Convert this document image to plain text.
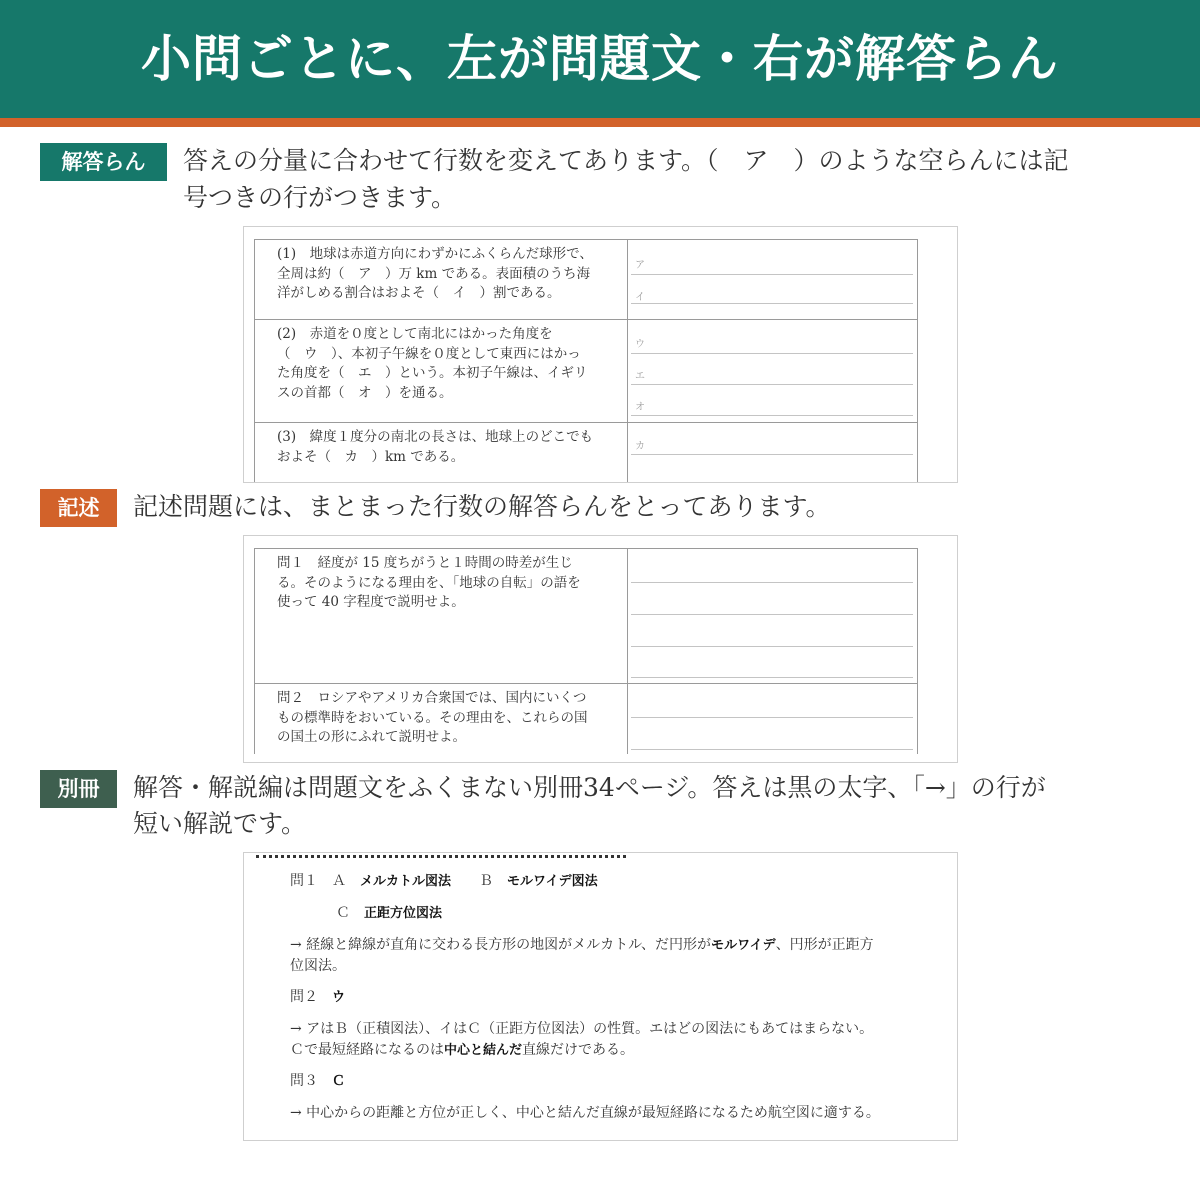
小問ごとに、左が問題文・右が解答らん
解答らん	答えの分量に合わせて行数を変えてあります。（　ア　）のような空らんには記
号つきの行がつきます。
(1)　地球は赤道方向にわずかにふくらんだ球形で、
全周は約（　ア　）万 km である。表面積のうち海
洋がしめる割合はおよそ（　イ　）割である。
ア
イ
(2)　赤道を０度として南北にはかった角度を
（　ウ　）、本初子午線を０度として東西にはかっ
た角度を（　エ　）という。本初子午線は、イギリ
スの首都（　オ　）を通る。
ウ
エ
オ
(3)　緯度１度分の南北の長さは、地球上のどこでも
およそ（　カ　）km である。
カ
記述	記述問題には、まとまった行数の解答らんをとってあります。
問１　経度が 15 度ちがうと１時間の時差が生じ
る。そのようになる理由を、「地球の自転」の語を
使って 40 字程度で説明せよ。
問２　ロシアやアメリカ合衆国では、国内にいくつ
もの標準時をおいている。その理由を、これらの国
の国土の形にふれて説明せよ。
別冊	解答・解説編は問題文をふくまない別冊34ページ。答えは黒の太字、「→」の行が
短い解説です。
問１　Ａ　 メルカトル図法　　 Ｂ　 モルワイデ図法
Ｃ　 正距方位図法
→ 経線と緯線が直角に交わる長方形の地図がメルカトル、だ円形がモルワイデ、円形が正距方
位図法。
問２　 ウ
→ アはＢ（正積図法）、イはＣ（正距方位図法）の性質。エはどの図法にもあてはまらない。
Ｃで最短経路になるのは中心と結んだ直線だけである。
問３　 Ｃ
→ 中心からの距離と方位が正しく、中心と結んだ直線が最短経路になるため航空図に適する。
